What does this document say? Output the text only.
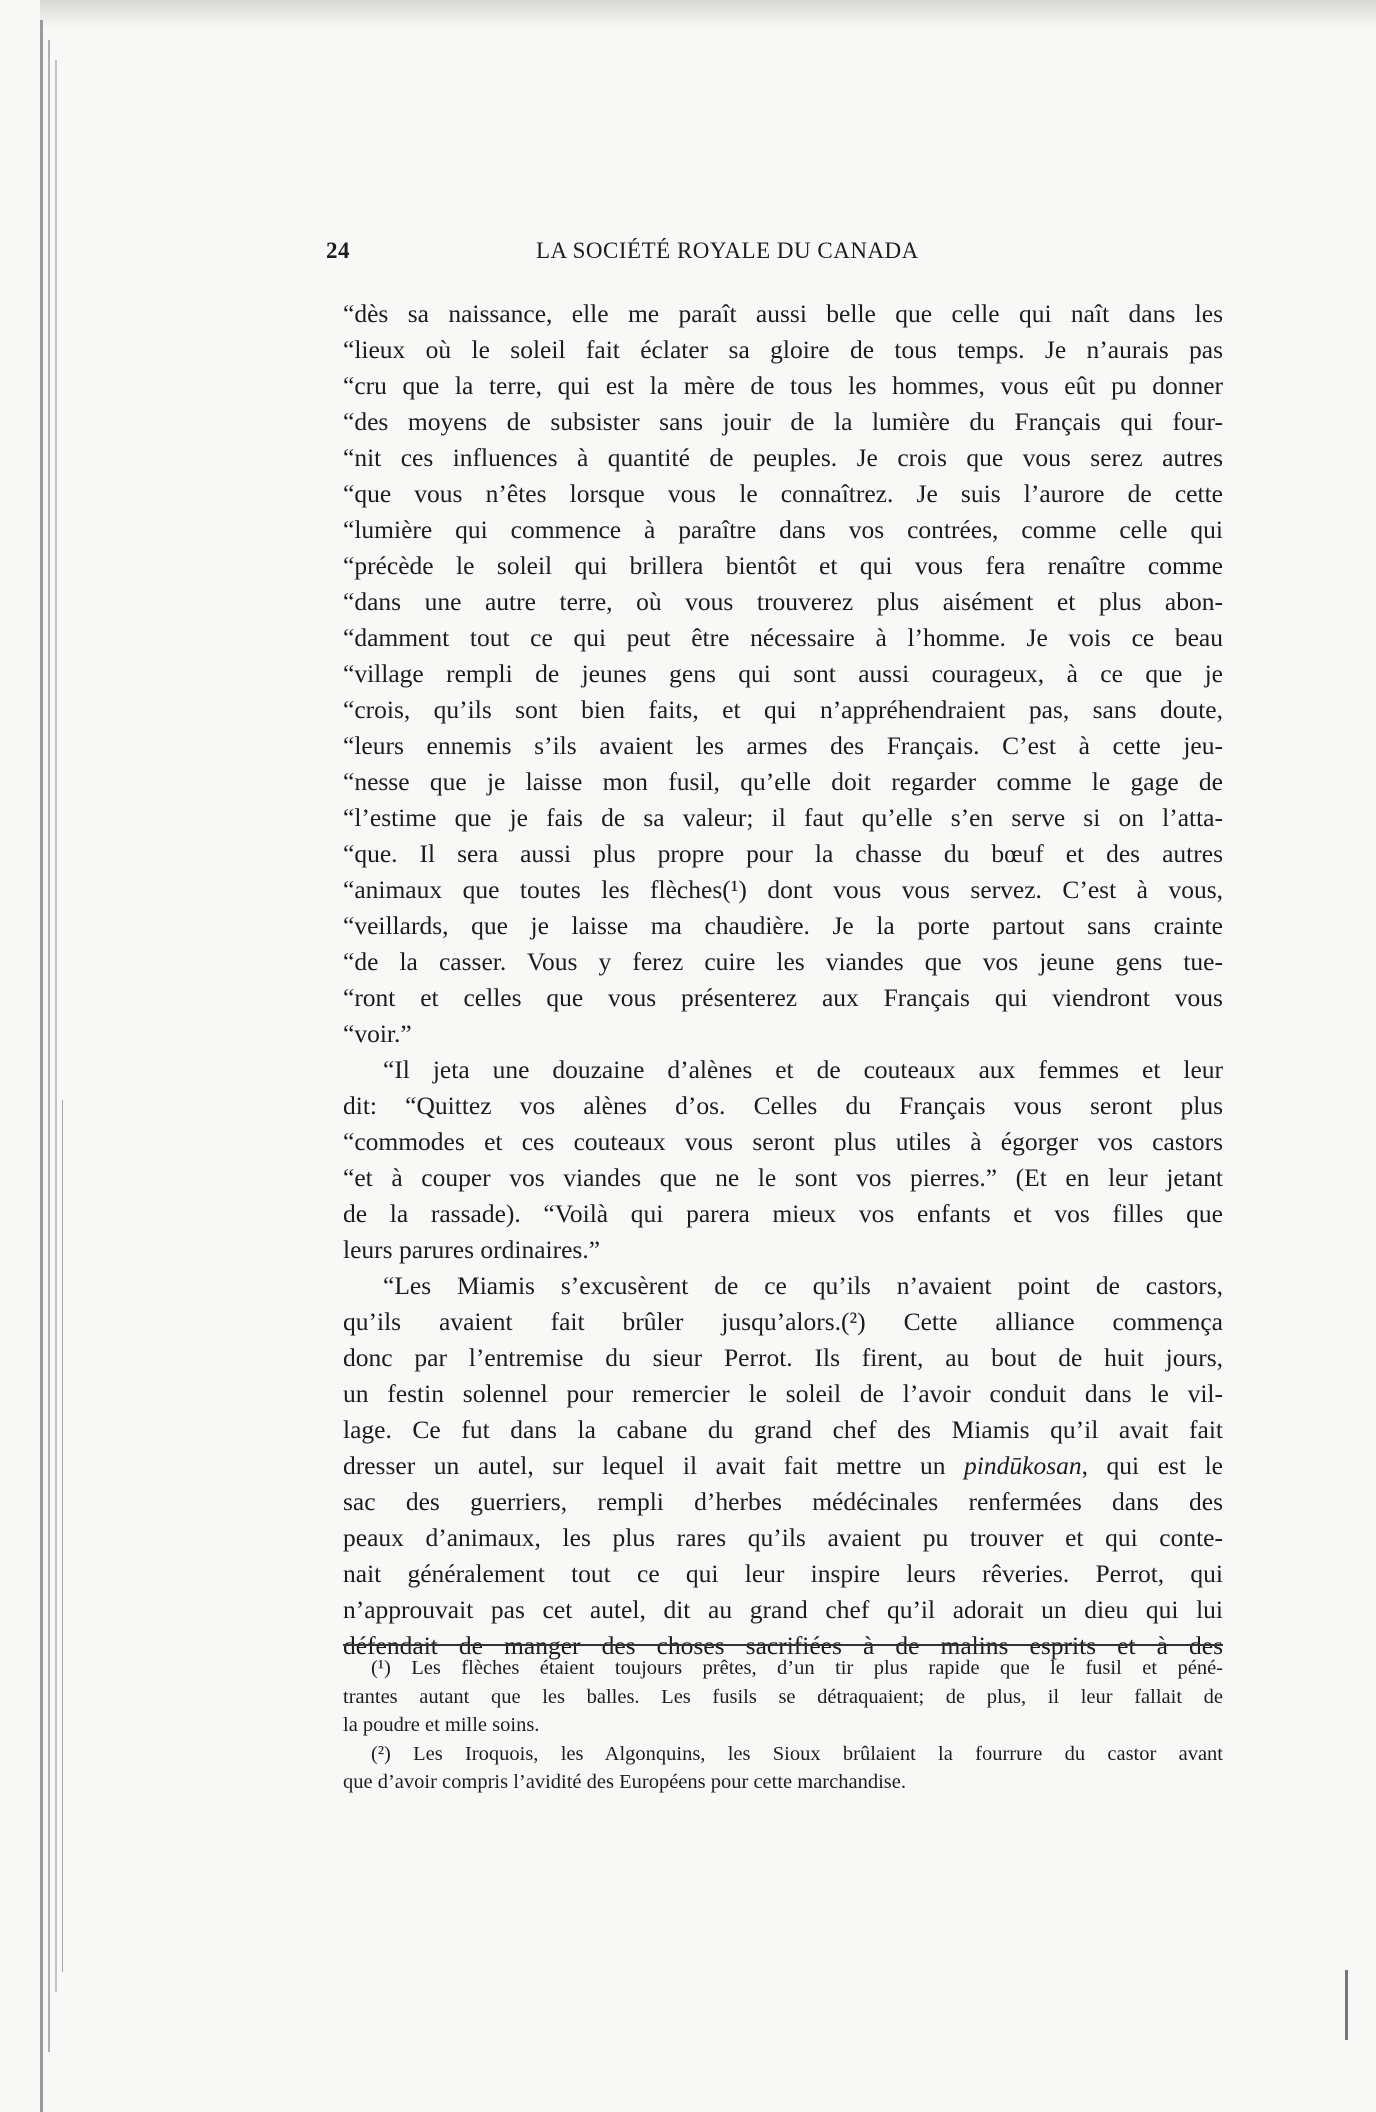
24	LA SOCIÉTÉ ROYALE DU CANADA
“dès sa naissance, elle me paraît aussi belle que celle qui naît dans les
“lieux où le soleil fait éclater sa gloire de tous temps. Je n’aurais pas
“cru que la terre, qui est la mère de tous les hommes, vous eût pu donner
“des moyens de subsister sans jouir de la lumière du Français qui four-
“nit ces influences à quantité de peuples. Je crois que vous serez autres
“que vous n’êtes lorsque vous le connaîtrez. Je suis l’aurore de cette
“lumière qui commence à paraître dans vos contrées, comme celle qui
“précède le soleil qui brillera bientôt et qui vous fera renaître comme
“dans une autre terre, où vous trouverez plus aisément et plus abon-
“damment tout ce qui peut être nécessaire à l’homme. Je vois ce beau
“village rempli de jeunes gens qui sont aussi courageux, à ce que je
“crois, qu’ils sont bien faits, et qui n’appréhendraient pas, sans doute,
“leurs ennemis s’ils avaient les armes des Français. C’est à cette jeu-
“nesse que je laisse mon fusil, qu’elle doit regarder comme le gage de
“l’estime que je fais de sa valeur; il faut qu’elle s’en serve si on l’atta-
“que. Il sera aussi plus propre pour la chasse du bœuf et des autres
“animaux que toutes les flèches(¹) dont vous vous servez. C’est à vous,
“veillards, que je laisse ma chaudière. Je la porte partout sans crainte
“de la casser. Vous y ferez cuire les viandes que vos jeune gens tue-
“ront et celles que vous présenterez aux Français qui viendront vous
“voir.”
“Il jeta une douzaine d’alènes et de couteaux aux femmes et leur
dit: “Quittez vos alènes d’os. Celles du Français vous seront plus
“commodes et ces couteaux vous seront plus utiles à égorger vos castors
“et à couper vos viandes que ne le sont vos pierres.” (Et en leur jetant
de la rassade). “Voilà qui parera mieux vos enfants et vos filles que
leurs parures ordinaires.”
“Les Miamis s’excusèrent de ce qu’ils n’avaient point de castors,
qu’ils avaient fait brûler jusqu’alors.(²) Cette alliance commença
donc par l’entremise du sieur Perrot. Ils firent, au bout de huit jours,
un festin solennel pour remercier le soleil de l’avoir conduit dans le vil-
lage. Ce fut dans la cabane du grand chef des Miamis qu’il avait fait
dresser un autel, sur lequel il avait fait mettre un pindūkosan, qui est le
sac des guerriers, rempli d’herbes médécinales renfermées dans des
peaux d’animaux, les plus rares qu’ils avaient pu trouver et qui conte-
nait généralement tout ce qui leur inspire leurs rêveries. Perrot, qui
n’approuvait pas cet autel, dit au grand chef qu’il adorait un dieu qui lui
défendait de manger des choses sacrifiées à de malins esprits et à des
(¹) Les flèches étaient toujours prêtes, d’un tir plus rapide que le fusil et péné-
trantes autant que les balles. Les fusils se détraquaient; de plus, il leur fallait de
la poudre et mille soins.
(²) Les Iroquois, les Algonquins, les Sioux brûlaient la fourrure du castor avant
que d’avoir compris l’avidité des Européens pour cette marchandise.
